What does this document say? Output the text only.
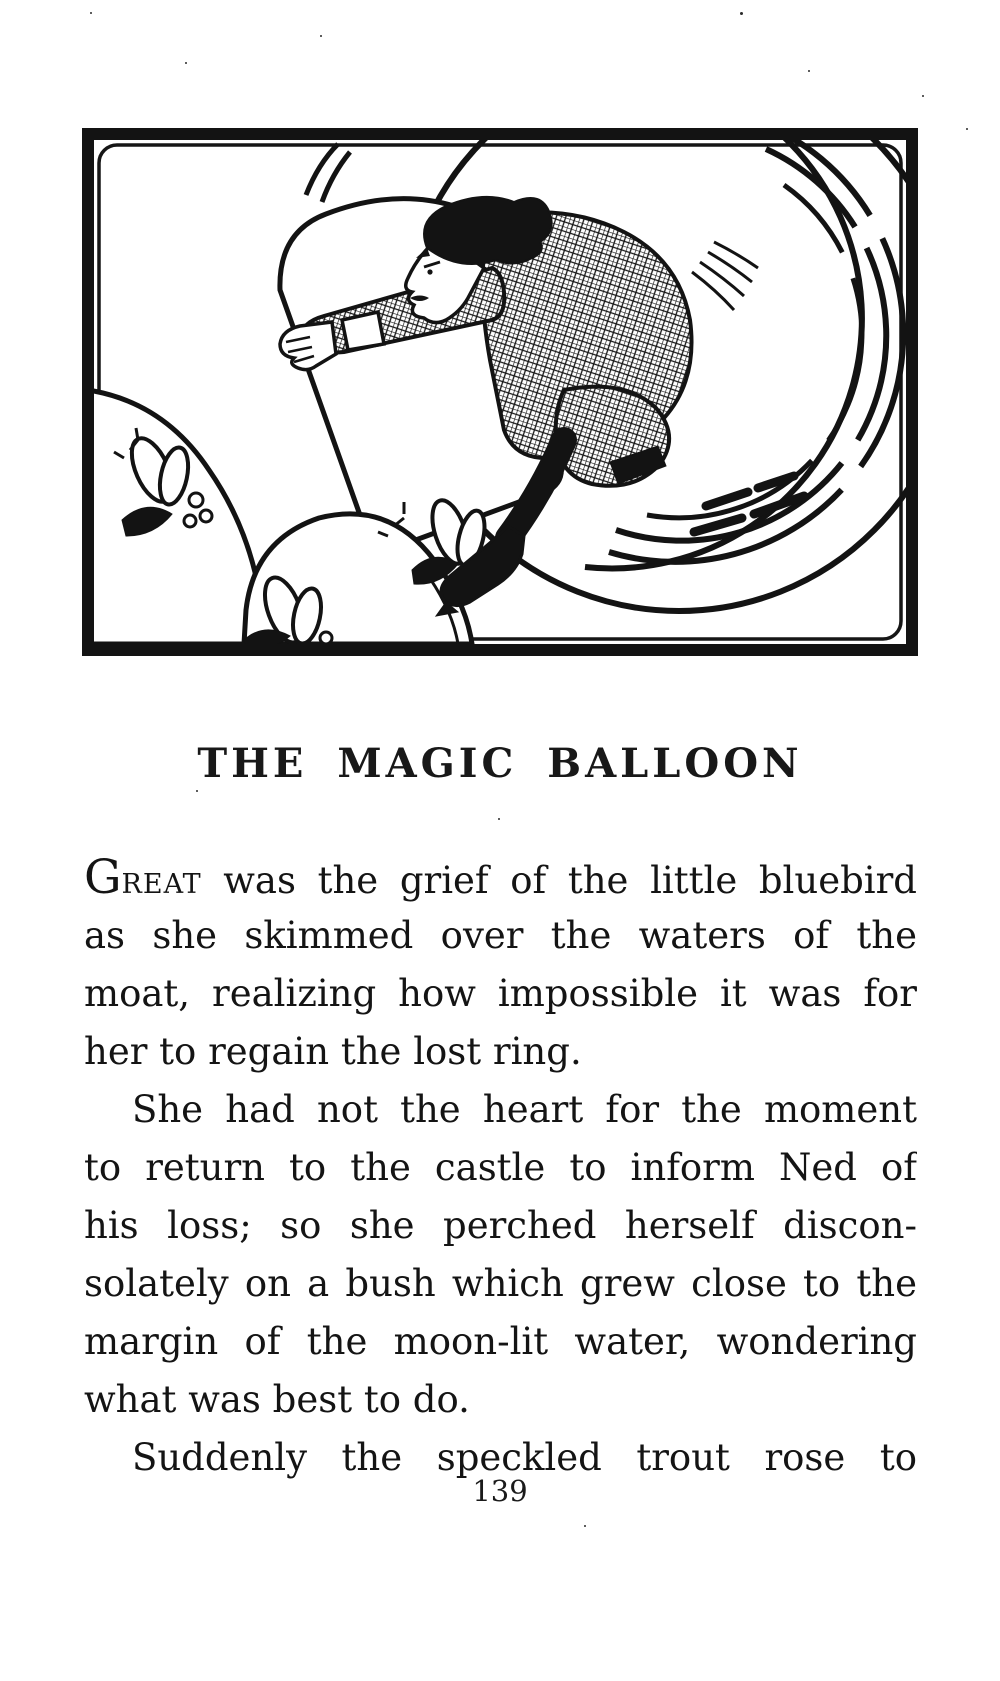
THE MAGIC BALLOON
GREAT was the grief of the little bluebird
as she skimmed over the waters of the
moat, realizing how impossible it was for
her to regain the lost ring.
She had not the heart for the moment
to return to the castle to inform Ned of
his loss; so she perched herself discon-
solately on a bush which grew close to the
margin of the moon-lit water, wondering
what was best to do.
Suddenly the speckled trout rose to
139
